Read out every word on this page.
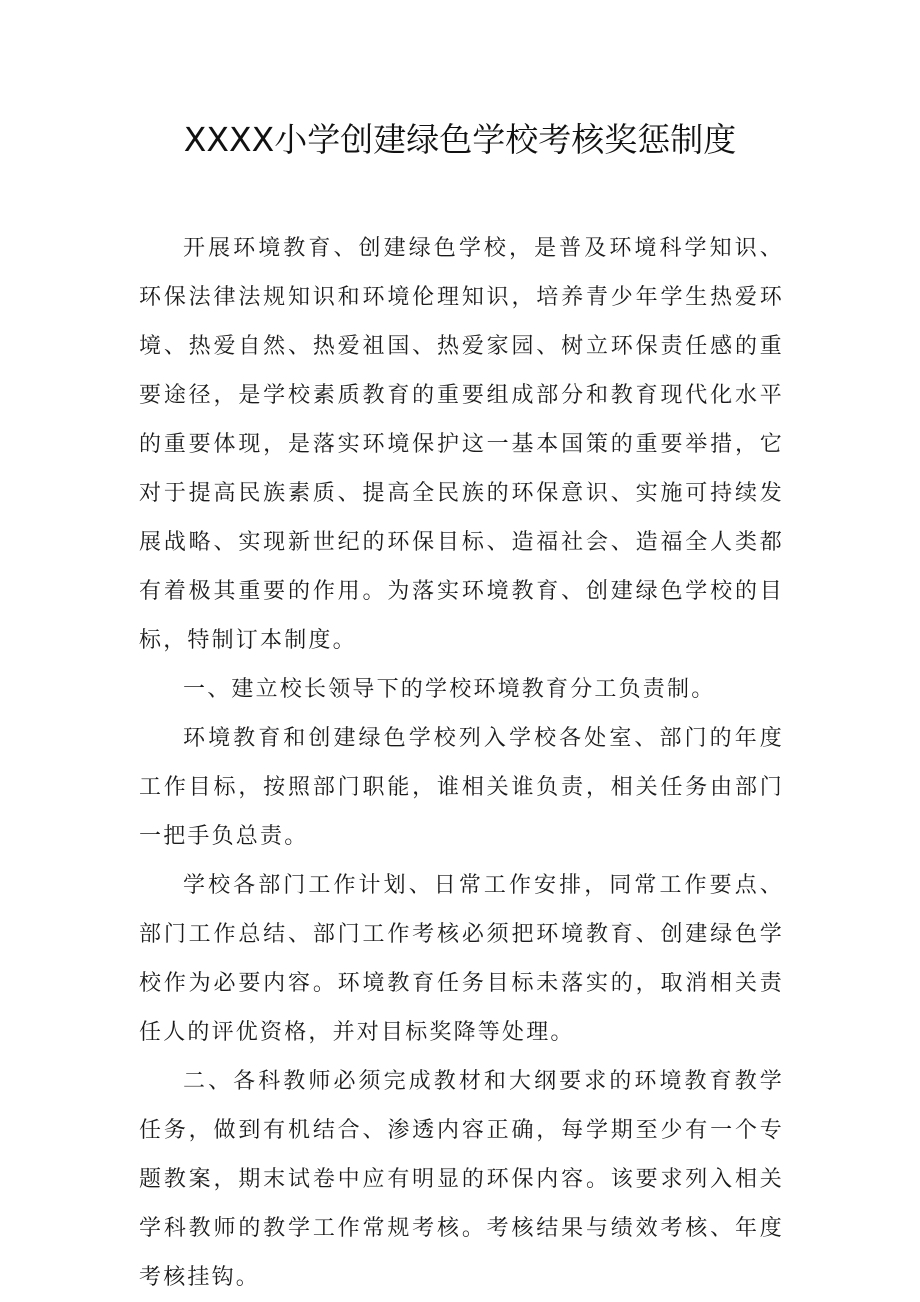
XXXX小学创建绿色学校考核奖惩制度

开展环境教育、创建绿色学校，是普及环境科学知识、环保法律法规知识和环境伦理知识，培养青少年学生热爱环境、热爱自然、热爱祖国、热爱家园、树立环保责任感的重要途径，是学校素质教育的重要组成部分和教育现代化水平的重要体现，是落实环境保护这一基本国策的重要举措，它对于提高民族素质、提高全民族的环保意识、实施可持续发展战略、实现新世纪的环保目标、造福社会、造福全人类都有着极其重要的作用。为落实环境教育、创建绿色学校的目标，特制订本制度。

一、建立校长领导下的学校环境教育分工负责制。

环境教育和创建绿色学校列入学校各处室、部门的年度工作目标，按照部门职能，谁相关谁负责，相关任务由部门一把手负总责。

学校各部门工作计划、日常工作安排，同常工作要点、部门工作总结、部门工作考核必须把环境教育、创建绿色学校作为必要内容。环境教育任务目标未落实的，取消相关责任人的评优资格，并对目标奖降等处理。

二、各科教师必须完成教材和大纲要求的环境教育教学任务，做到有机结合、渗透内容正确，每学期至少有一个专题教案，期末试卷中应有明显的环保内容。该要求列入相关学科教师的教学工作常规考核。考核结果与绩效考核、年度考核挂钩。
